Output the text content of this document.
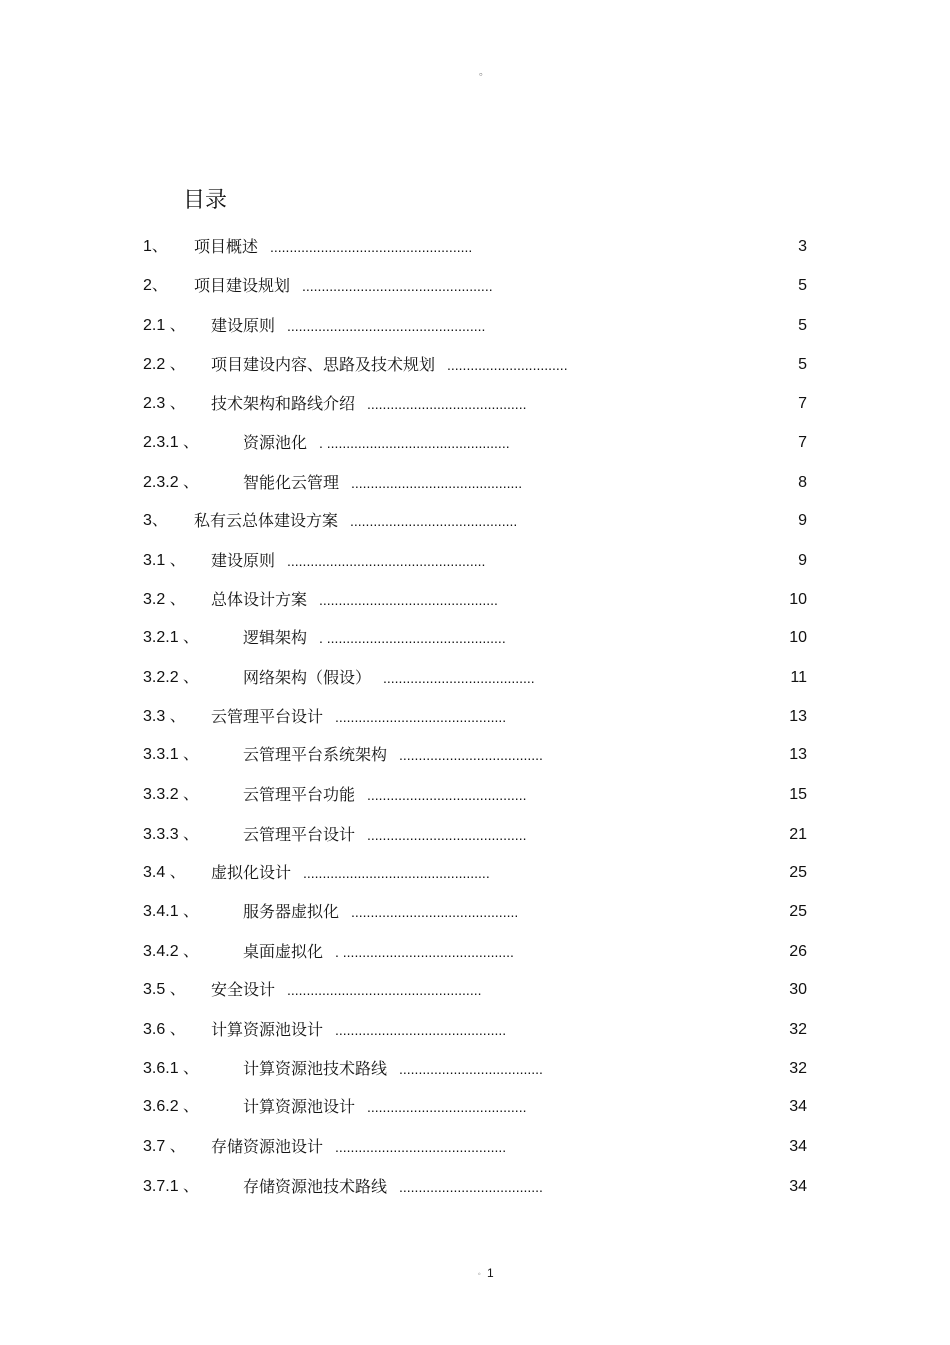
。
目录
1、 项目概述 ....................................................	3
2、 项目建设规划 .................................................	5
2.1 、 建设原则 ...................................................	5
2.2 、 项目建设内容、思路及技术规划 ...............................	5
2.3 、 技术架构和路线介绍 .........................................	7
2.3.1 、	资源池化 . ...............................................	7
2.3.2 、	智能化云管理 ............................................	8
3、 私有云总体建设方案 ...........................................	9
3.1 、 建设原则 ...................................................	9
3.2 、 总体设计方案 ..............................................	10
3.2.1 、	逻辑架构 . ..............................................	10
3.2.2 、	网络架构（假设） .......................................	11
3.3 、 云管理平台设计 ............................................	13
3.3.1 、	云管理平台系统架构 .....................................	13
3.3.2 、	云管理平台功能 .........................................	15
3.3.3 、	云管理平台设计 .........................................	21
3.4 、 虚拟化设计 ................................................	25
3.4.1 、	服务器虚拟化 ...........................................	25
3.4.2 、	桌面虚拟化 . ............................................	26
3.5 、 安全设计 ..................................................	30
3.6 、 计算资源池设计 ............................................	32
3.6.1 、	计算资源池技术路线 .....................................	32
3.6.2 、	计算资源池设计 .........................................	34
3.7 、 存储资源池设计 ............................................	34
3.7.1 、	存储资源池技术路线 .....................................	34
。 1
